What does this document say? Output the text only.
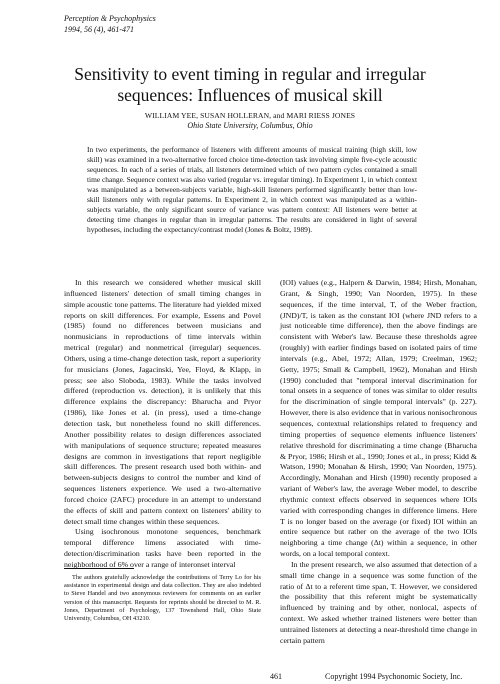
Perception & Psychophysics
1994, 56 (4), 461-471
Sensitivity to event timing in regular and irregular sequences: Influences of musical skill
WILLIAM YEE, SUSAN HOLLERAN, and MARI RIESS JONES
Ohio State University, Columbus, Ohio

In two experiments, the performance of listeners with different amounts of musical training (high skill, low skill) was examined in a two-alternative forced choice time-detection task involving simple five-cycle acoustic sequences. In each of a series of trials, all listeners determined which of two pattern cycles contained a small time change. Sequence context was also varied (regular vs. irregular timing). In Experiment 1, in which context was manipulated as a between-subjects variable, high-skill listeners performed significantly better than low-skill listeners only with regular patterns. In Experiment 2, in which context was manipulated as a within-subjects variable, the only significant source of variance was pattern context: All listeners were better at detecting time changes in regular than in irregular patterns. The results are considered in light of several hypotheses, including the expectancy/contrast model (Jones & Boltz, 1989).

In this research we considered whether musical skill influenced listeners' detection of small timing changes in simple acoustic tone patterns. The literature had yielded mixed reports on skill differences. For example, Essens and Povel (1985) found no differences between musicians and nonmusicians in reproductions of time intervals within metrical (regular) and nonmetrical (irregular) sequences. Others, using a time-change detection task, report a superiority for musicians (Jones, Jagacinski, Yee, Floyd, & Klapp, in press; see also Sloboda, 1983). While the tasks involved differed (reproduction vs. detection), it is unlikely that this difference explains the discrepancy: Bharucha and Pryor (1986), like Jones et al. (in press), used a time-change detection task, but nonetheless found no skill differences. Another possibility relates to design differences associated with manipulations of sequence structure; repeated measures designs are common in investigations that report negligible skill differences. The present research used both within- and between-subjects designs to control the number and kind of sequences listeners experience. We used a two-alternative forced choice (2AFC) procedure in an attempt to understand the effects of skill and pattern context on listeners' ability to detect small time changes within these sequences.

Using isochronous monotone sequences, benchmark temporal difference limens associated with time-detection/discrimination tasks have been reported in the neighborhood of 6% over a range of interonset interval

(IOI) values (e.g., Halpern & Darwin, 1984; Hirsh, Monahan, Grant, & Singh, 1990; Van Noorden, 1975). In these sequences, if the time interval, T, of the Weber fraction, (JND)/T, is taken as the constant IOI (where JND refers to a just noticeable time difference), then the above findings are consistent with Weber's law. Because these thresholds agree (roughly) with earlier findings based on isolated pairs of time intervals (e.g., Abel, 1972; Allan, 1979; Creelman, 1962; Getty, 1975; Small & Campbell, 1962), Monahan and Hirsh (1990) concluded that "temporal interval discrimination for tonal onsets in a sequence of tones was similar to older results for the discrimination of single temporal intervals" (p. 227). However, there is also evidence that in various nonisochronous sequences, contextual relationships related to frequency and timing properties of sequence elements influence listeners' relative threshold for discriminating a time change (Bharucha & Pryor, 1986; Hirsh et al., 1990; Jones et al., in press; Kidd & Watson, 1990; Monahan & Hirsh, 1990; Van Noorden, 1975). Accordingly, Monahan and Hirsh (1990) recently proposed a variant of Weber's law, the average Weber model, to describe rhythmic context effects observed in sequences where IOIs varied with corresponding changes in difference limens. Here T is no longer based on the average (or fixed) IOI within an entire sequence but rather on the average of the two IOIs neighboring a time change (Δt) within a sequence, in other words, on a local temporal context.

In the present research, we also assumed that detection of a small time change in a sequence was some function of the ratio of Δt to a referent time span, T. However, we considered the possibility that this referent might be systematically influenced by training and by other, nonlocal, aspects of context. We asked whether trained listeners were better than untrained listeners at detecting a near-threshold time change in certain pattern

The authors gratefully acknowledge the contributions of Terry Lo for his assistance in experimental design and data collection. They are also indebted to Steve Handel and two anonymous reviewers for comments on an earlier version of this manuscript. Requests for reprints should be directed to M. R. Jones, Department of Psychology, 137 Townshend Hall, Ohio State University, Columbus, OH 43210.

461	Copyright 1994 Psychonomic Society, Inc.
